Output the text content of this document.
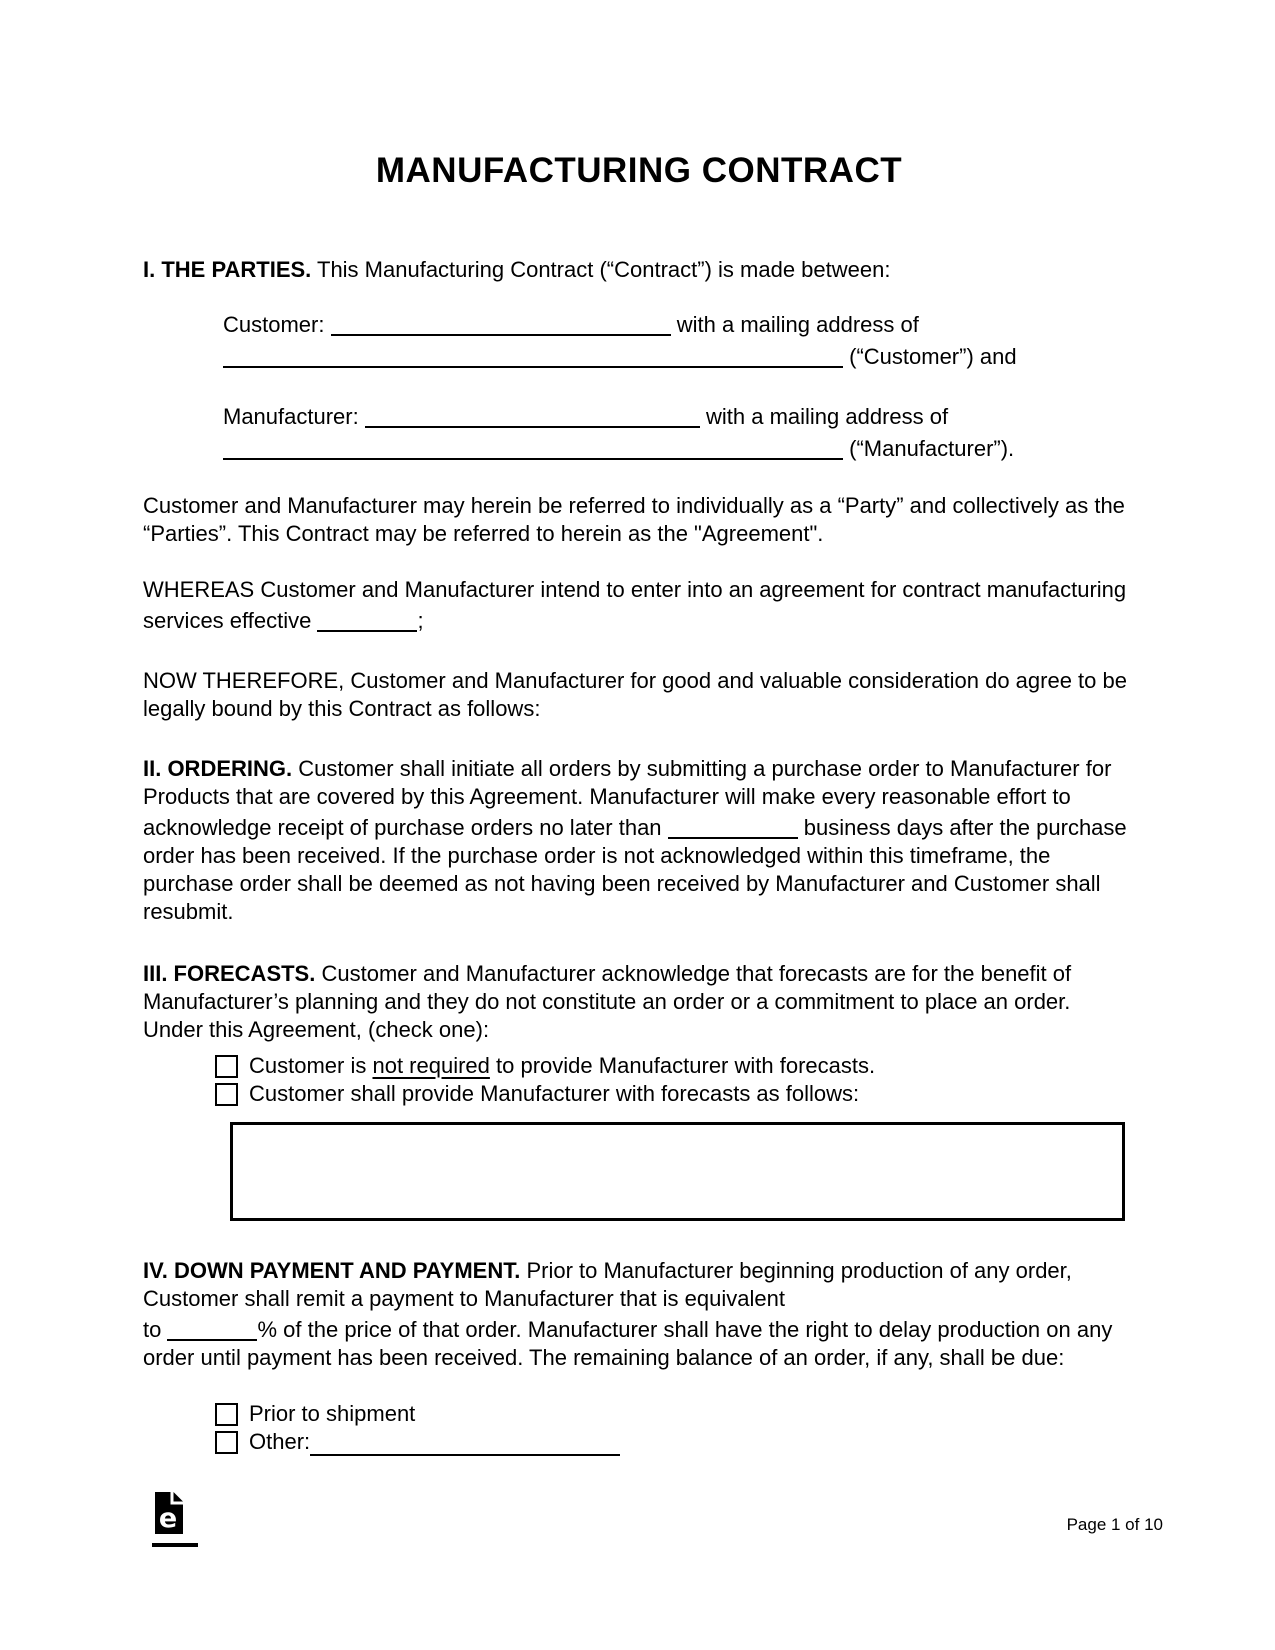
MANUFACTURING CONTRACT

I. THE PARTIES. This Manufacturing Contract (“Contract”) is made between:

Customer:	with a mailing address of
(“Customer”) and

Manufacturer:	with a mailing address of
(“Manufacturer”).

Customer and Manufacturer may herein be referred to individually as a “Party” and collectively as the “Parties”. This Contract may be referred to herein as the "Agreement".

WHEREAS Customer and Manufacturer intend to enter into an agreement for contract manufacturing services effective	;

NOW THEREFORE, Customer and Manufacturer for good and valuable consideration do agree to be legally bound by this Contract as follows:

II. ORDERING. Customer shall initiate all orders by submitting a purchase order to Manufacturer for Products that are covered by this Agreement. Manufacturer will make every reasonable effort to acknowledge receipt of purchase orders no later than	business days after the purchase order has been received. If the purchase order is not acknowledged within this timeframe, the purchase order shall be deemed as not having been received by Manufacturer and Customer shall resubmit.

III. FORECASTS. Customer and Manufacturer acknowledge that forecasts are for the benefit of Manufacturer’s planning and they do not constitute an order or a commitment to place an order. Under this Agreement, (check one):

Customer is not required to provide Manufacturer with forecasts.
Customer shall provide Manufacturer with forecasts as follows:

IV. DOWN PAYMENT AND PAYMENT. Prior to Manufacturer beginning production of any order, Customer shall remit a payment to Manufacturer that is equivalent
to	% of the price of that order. Manufacturer shall have the right to delay production on any order until payment has been received. The remaining balance of an order, if any, shall be due:

Prior to shipment
Other:
e	Page 1 of 10
